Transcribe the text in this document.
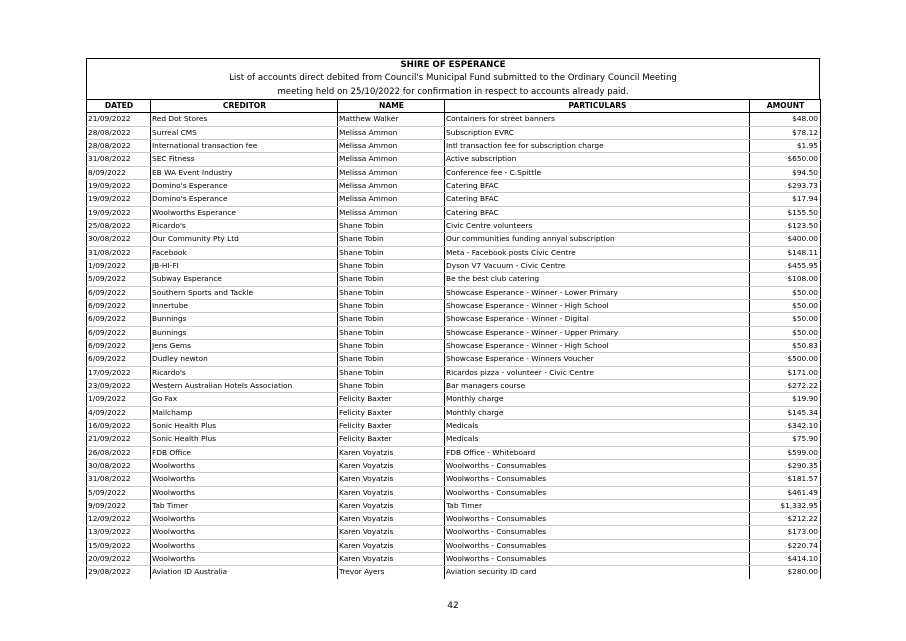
SHIRE OF ESPERANCE
List of accounts direct debited from Council's Municipal Fund submitted to the Ordinary Council Meeting
meeting held on 25/10/2022 for confirmation in respect to accounts already paid.
DATED	CREDITOR	NAME	PARTICULARS	AMOUNT
21/09/2022	Red Dot Stores	Matthew Walker	Containers for street banners	$48.00
28/08/2022	Surreal CMS	Melissa Ammon	Subscription EVRC	$78.12
28/08/2022	International transaction fee	Melissa Ammon	Intl transaction fee for subscription charge	$1.95
31/08/2022	SEC Fitness	Melissa Ammon	Active subscription	$650.00
8/09/2022	EB WA Event Industry	Melissa Ammon	Conference fee - C.Spittle	$94.50
19/09/2022	Domino's Esperance	Melissa Ammon	Catering BFAC	$293.73
19/09/2022	Domino's Esperance	Melissa Ammon	Catering BFAC	$17.94
19/09/2022	Woolworths Esperance	Melissa Ammon	Catering BFAC	$155.50
25/08/2022	Ricardo's	Shane Tobin	Civic Centre volunteers	$123.50
30/08/2022	Our Community Pty Ltd	Shane Tobin	Our communities funding annyal subscription	$400.00
31/08/2022	Facebook	Shane Tobin	Meta - Facebook posts Civic Centre	$148.11
1/09/2022	JB-HI-FI	Shane Tobin	Dyson V7 Vacuum - Civic Centre	$455.95
5/09/2022	Subway Esperance	Shane Tobin	Be the best club catering	$108.00
6/09/2022	Southern Sports and Tackle	Shane Tobin	Showcase Esperance - Winner - Lower Primary	$50.00
6/09/2022	Innertube	Shane Tobin	Showcase Esperance - Winner - High School	$50.00
6/09/2022	Bunnings	Shane Tobin	Showcase Esperance - Winner - Digital	$50.00
6/09/2022	Bunnings	Shane Tobin	Showcase Esperance - Winner - Upper Primary	$50.00
6/09/2022	Jens Gems	Shane Tobin	Showcase Esperance - Winner - High School	$50.83
6/09/2022	Dudley newton	Shane Tobin	Showcase Esperance - Winners Voucher	$500.00
17/09/2022	Ricardo's	Shane Tobin	Ricardos pizza - volunteer - Civic Centre	$171.00
23/09/2022	Western Australian Hotels Association	Shane Tobin	Bar managers course	$272.22
1/09/2022	Go Fax	Felicity Baxter	Monthly charge	$19.90
4/09/2022	Mailchamp	Felicity Baxter	Monthly charge	$145.34
16/09/2022	Sonic Health Plus	Felicity Baxter	Medicals	$342.10
21/09/2022	Sonic Health Plus	Felicity Baxter	Medicals	$75.90
26/08/2022	FDB Office	Karen Voyatzis	FDB Office - Whiteboard	$599.00
30/08/2022	Woolworths	Karen Voyatzis	Woolworths - Consumables	$290.35
31/08/2022	Woolworths	Karen Voyatzis	Woolworths - Consumables	$181.57
5/09/2022	Woolworths	Karen Voyatzis	Woolworths - Consumables	$461.49
9/09/2022	Tab Timer	Karen Voyatzis	Tab Timer	$1,332.95
12/09/2022	Woolworths	Karen Voyatzis	Woolworths - Consumables	$212.22
13/09/2022	Woolworths	Karen Voyatzis	Woolworths - Consumables	$173.00
15/09/2022	Woolworths	Karen Voyatzis	Woolworths - Consumables	$220.74
20/09/2022	Woolworths	Karen Voyatzis	Woolworths - Consumables	$414.10
29/08/2022	Aviation ID Australia	Trevor Ayers	Aviation security ID card	$280.00
42
